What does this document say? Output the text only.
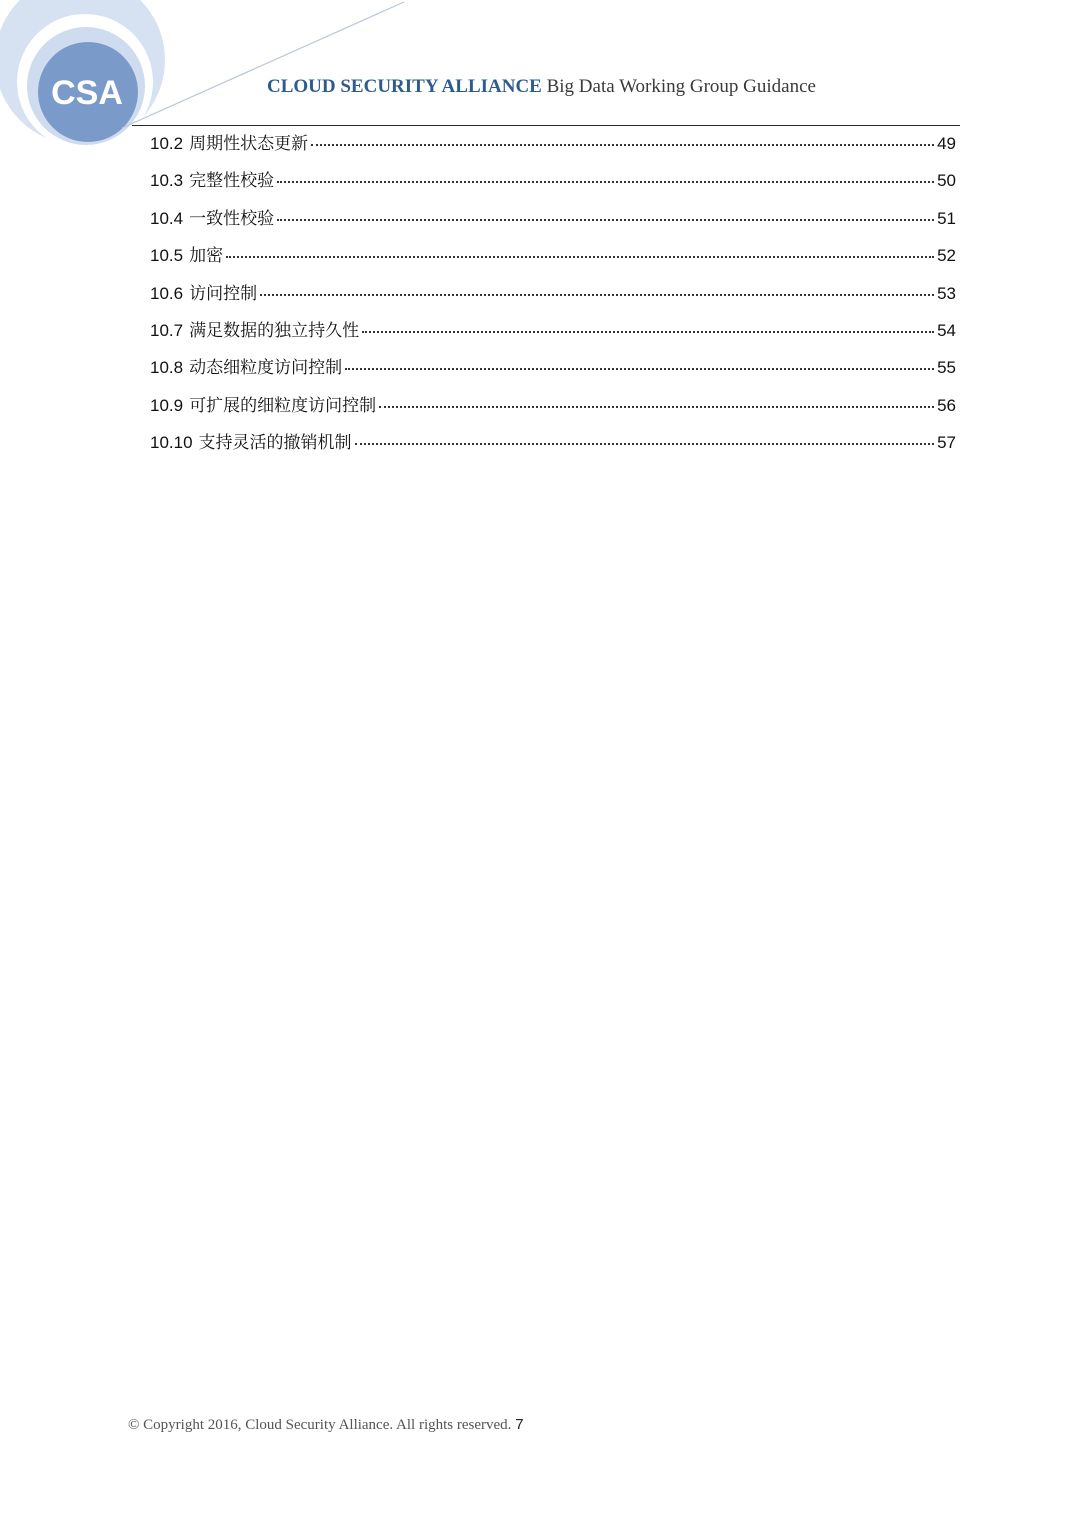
CSA	CLOUD SECURITY ALLIANCE Big Data Working Group Guidance
10.2 周期性状态更新	49
10.3 完整性校验	50
10.4 一致性校验	51
10.5 加密	52
10.6 访问控制	53
10.7 满足数据的独立持久性	54
10.8 动态细粒度访问控制	55
10.9 可扩展的细粒度访问控制	56
10.10 支持灵活的撤销机制	57
© Copyright 2016, Cloud Security Alliance. All rights reserved. 7
